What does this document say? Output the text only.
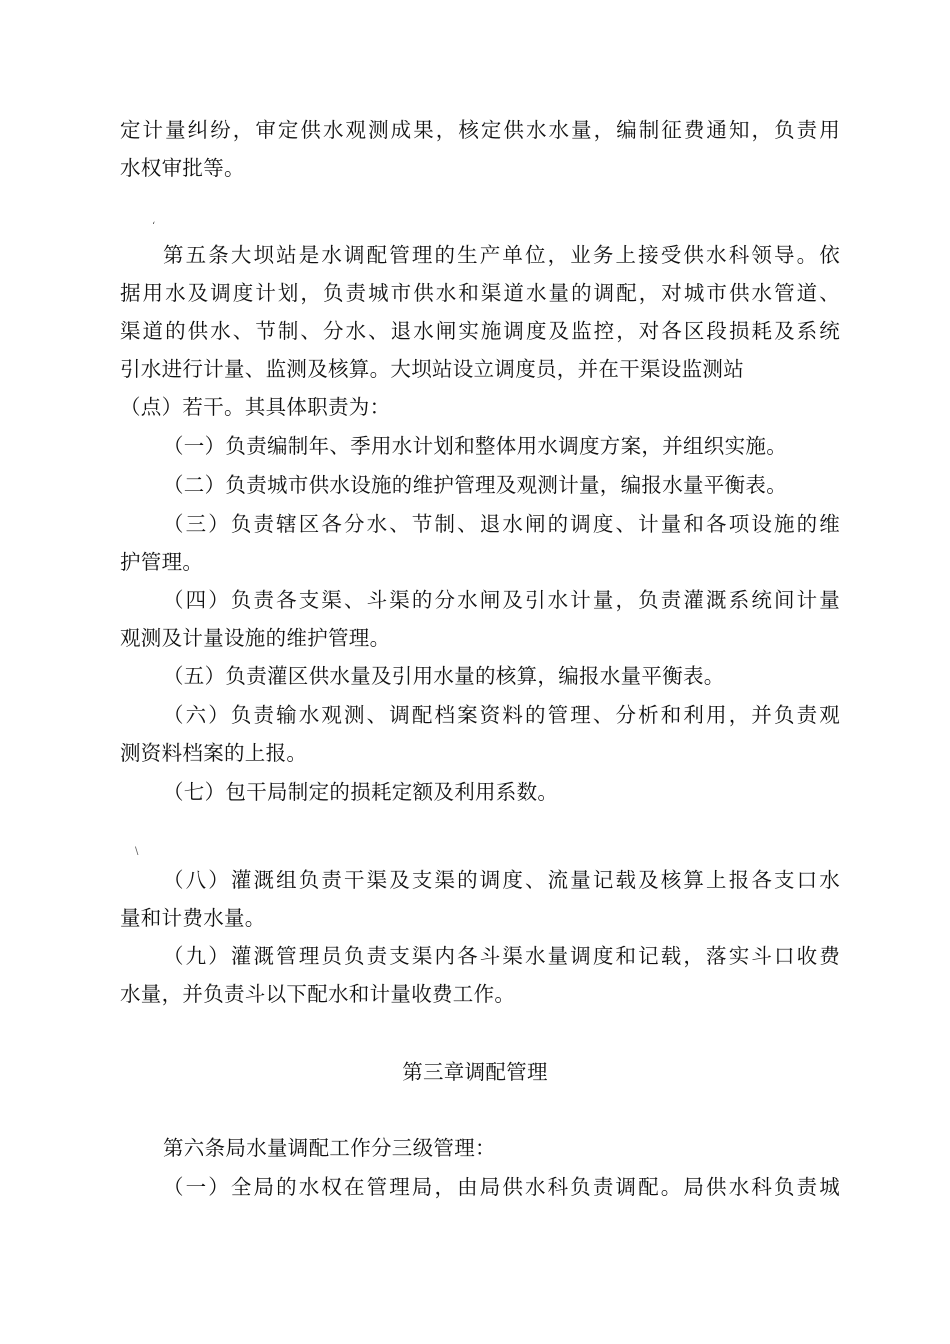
定计量纠纷，审定供水观测成果，核定供水水量，编制征费通知，负责用
水权审批等。
‘
第五条大坝站是水调配管理的生产单位，业务上接受供水科领导。依
据用水及调度计划，负责城市供水和渠道水量的调配，对城市供水管道、
渠道的供水、节制、分水、退水闸实施调度及监控，对各区段损耗及系统
引水进行计量、监测及核算。大坝站设立调度员，并在干渠设监测站
（点）若干。其具体职责为：
（一）负责编制年、季用水计划和整体用水调度方案，并组织实施。
（二）负责城市供水设施的维护管理及观测计量，编报水量平衡表。
（三）负责辖区各分水、节制、退水闸的调度、计量和各项设施的维
护管理。
（四）负责各支渠、斗渠的分水闸及引水计量，负责灌溉系统间计量
观测及计量设施的维护管理。
（五）负责灌区供水量及引用水量的核算，编报水量平衡表。
（六）负责输水观测、调配档案资料的管理、分析和利用，并负责观
测资料档案的上报。
（七）包干局制定的损耗定额及利用系数。
\
（八）灌溉组负责干渠及支渠的调度、流量记载及核算上报各支口水
量和计费水量。
（九）灌溉管理员负责支渠内各斗渠水量调度和记载，落实斗口收费
水量，并负责斗以下配水和计量收费工作。
第三章调配管理
第六条局水量调配工作分三级管理：
（一）全局的水权在管理局，由局供水科负责调配。局供水科负责城
